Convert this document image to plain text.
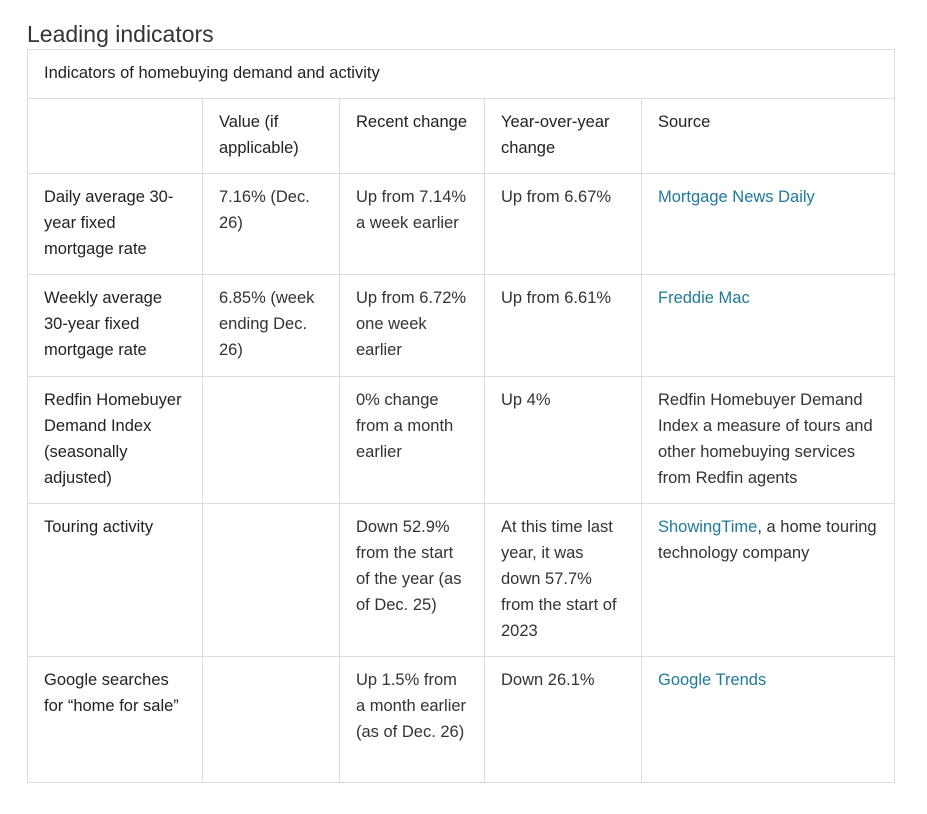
Leading indicators
Indicators of homebuying demand and activity				
	Value (if applicable)	Recent change	Year-over-year change	Source
Daily average 30-year fixed mortgage rate	7.16% (Dec. 26)	Up from 7.14% a week earlier	Up from 6.67%	Mortgage News Daily
Weekly average 30-year fixed mortgage rate	6.85% (week ending Dec. 26)	Up from 6.72% one week earlier	Up from 6.61%	Freddie Mac
Redfin Homebuyer Demand Index (seasonally adjusted)		0% change from a month earlier	Up 4%	Redfin Homebuyer Demand Index a measure of tours and other homebuying services from Redfin agents
Touring activity		Down 52.9% from the start of the year (as of Dec. 25)	At this time last year, it was down 57.7% from the start of 2023	ShowingTime, a home touring technology company
Google searches for “home for sale”		Up 1.5% from a month earlier (as of Dec. 26)	Down 26.1%	Google Trends
